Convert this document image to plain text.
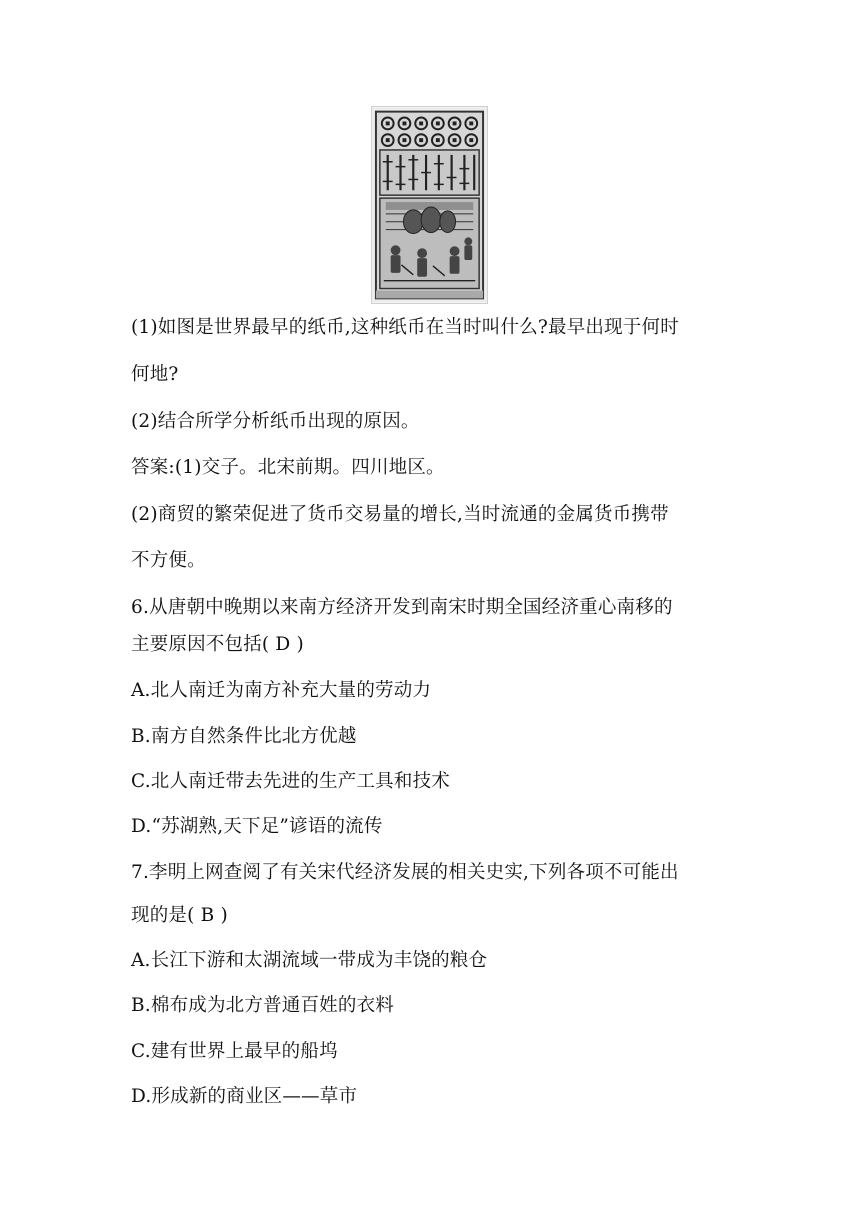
(1)如图是世界最早的纸币,这种纸币在当时叫什么?最早出现于何时
何地?
(2)结合所学分析纸币出现的原因。
答案:(1)交子。北宋前期。四川地区。
(2)商贸的繁荣促进了货币交易量的增长,当时流通的金属货币携带
不方便。
6.从唐朝中晚期以来南方经济开发到南宋时期全国经济重心南移的
主要原因不包括( D )
A.北人南迁为南方补充大量的劳动力
B.南方自然条件比北方优越
C.北人南迁带去先进的生产工具和技术
D.“苏湖熟,天下足”谚语的流传
7.李明上网查阅了有关宋代经济发展的相关史实,下列各项不可能出
现的是( B )
A.长江下游和太湖流域一带成为丰饶的粮仓
B.棉布成为北方普通百姓的衣料
C.建有世界上最早的船坞
D.形成新的商业区——草市
